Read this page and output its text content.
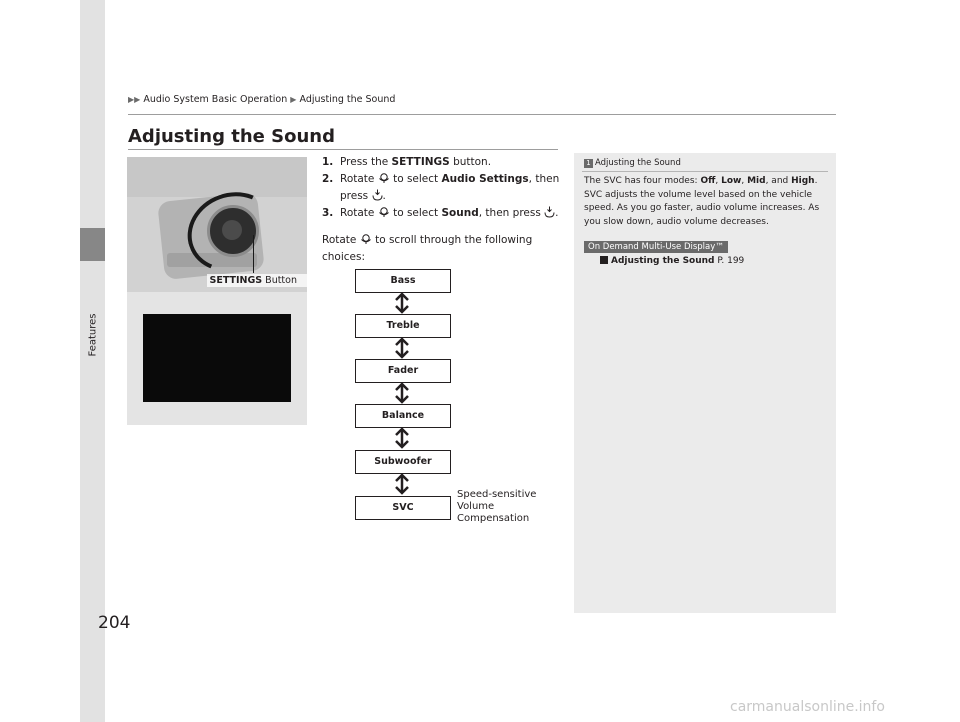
Features
▶▶ Audio System Basic Operation ▶ Adjusting the Sound
Adjusting the Sound
SETTINGS Button
1. Press the SETTINGS button.
2. Rotate  to select Audio Settings, then press .
3. Rotate  to select Sound, then press .
Rotate  to scroll through the following choices:
Bass
Treble
Fader
Balance
Subwoofer
SVC
Speed-sensitive
Volume
Compensation
1 Adjusting the Sound
The SVC has four modes: Off, Low, Mid, and High. SVC adjusts the volume level based on the vehicle speed. As you go faster, audio volume increases. As you slow down, audio volume decreases.
On Demand Multi-Use Display™
Adjusting the Sound P. 199
204
carmanualsonline.info
